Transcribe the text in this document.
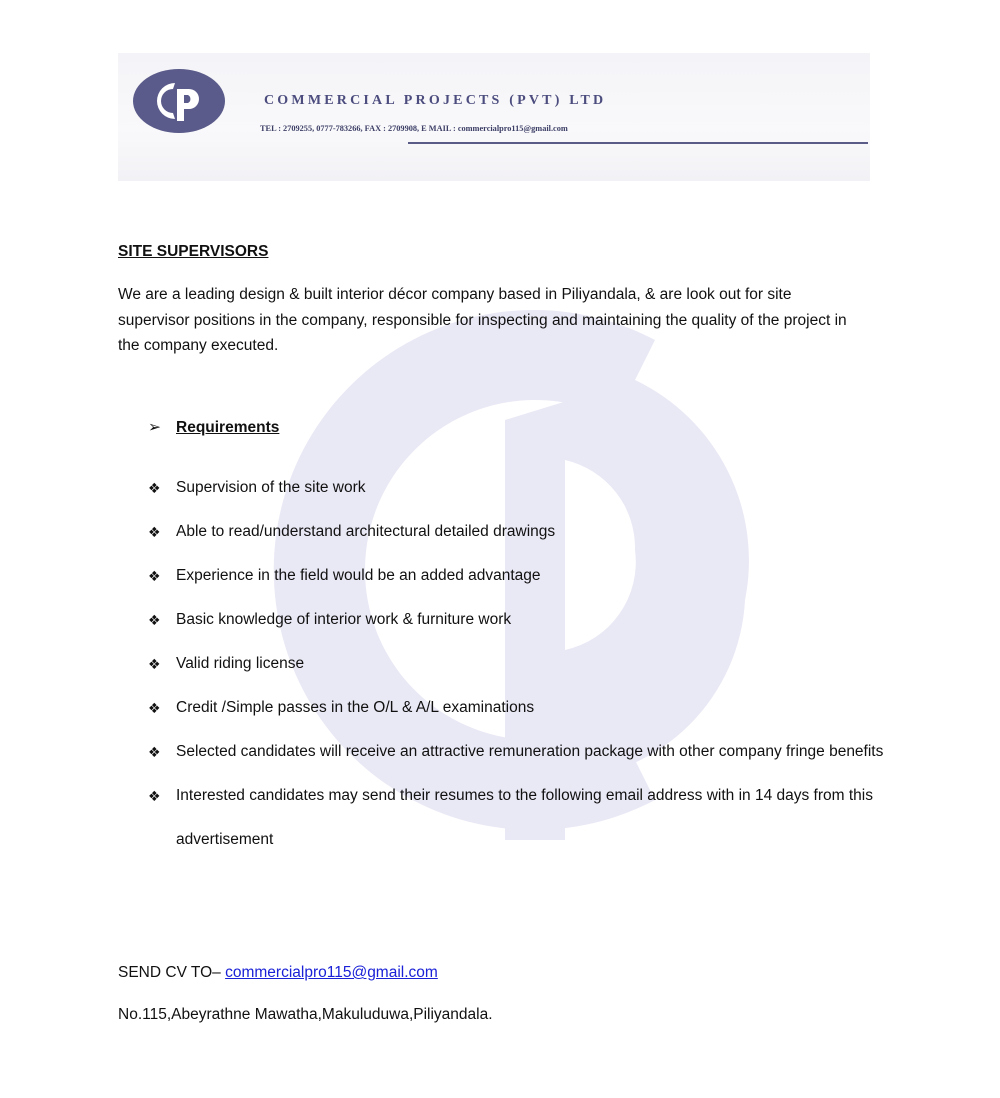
COMMERCIAL PROJECTS (PVT) LTD
TEL : 2709255, 0777-783266, FAX : 2709908, E MAIL : commercialpro115@gmail.com
SITE SUPERVISORS
We are a leading design & built interior décor company based in Piliyandala, & are look out for site supervisor positions in the company, responsible for inspecting and maintaining the quality of the project in the company executed.
➢ Requirements
❖ Supervision of the site work
❖ Able to read/understand architectural detailed drawings
❖ Experience in the field would be an added advantage
❖ Basic knowledge of interior work & furniture work
❖ Valid riding license
❖ Credit /Simple passes in the O/L & A/L examinations
❖ Selected candidates will receive an attractive remuneration package with other company fringe benefits
❖ Interested candidates may send their resumes to the following email address with in 14 days from this advertisement
SEND CV TO– commercialpro115@gmail.com
No.115,Abeyrathne Mawatha,Makuluduwa,Piliyandala.
